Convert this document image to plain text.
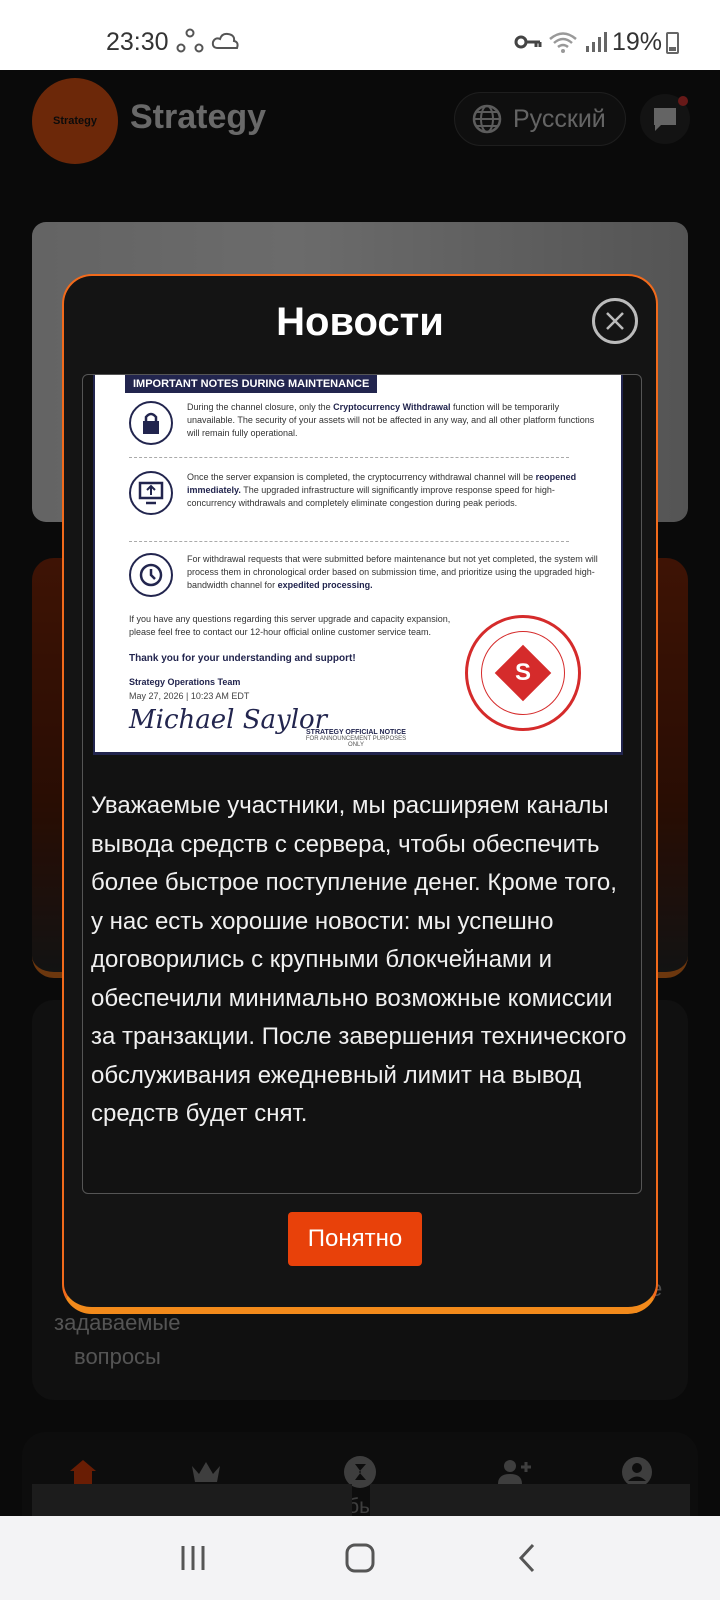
23:30	19%
Новости
IMPORTANT NOTES DURING MAINTENANCE
During the channel closure, only the Cryptocurrency Withdrawal function will be temporarily unavailable. The security of your assets will not be affected in any way, and all other platform functions will remain fully operational.
Once the server expansion is completed, the cryptocurrency withdrawal channel will be reopened immediately. The upgraded infrastructure will significantly improve response speed for high-concurrency withdrawals and completely eliminate congestion during peak periods.
For withdrawal requests that were submitted before maintenance but not yet completed, the system will process them in chronological order based on submission time, and prioritize using the upgraded high-bandwidth channel for expedited processing.
If you have any questions regarding this server upgrade and capacity expansion, please feel free to contact our 12-hour official online customer service team.
Thank you for your understanding and support!
Strategy Operations Team
May 27, 2026 | 10:23 AM EDT
Michael Saylor
STRATEGY OFFICIAL NOTICE
FOR ANNOUNCEMENT PURPOSES ONLY
S
Уважаемые участники, мы расширяем каналы вывода средств с сервера, чтобы обеспечить более быстрое поступление денег. Кроме того, у нас есть хорошие новости: мы успешно договорились с крупными блокчейнами и обеспечили минимально возможные комиссии за транзакции. После завершения технического обслуживания ежедневный лимит на вывод средств будет снят.
Понятно
